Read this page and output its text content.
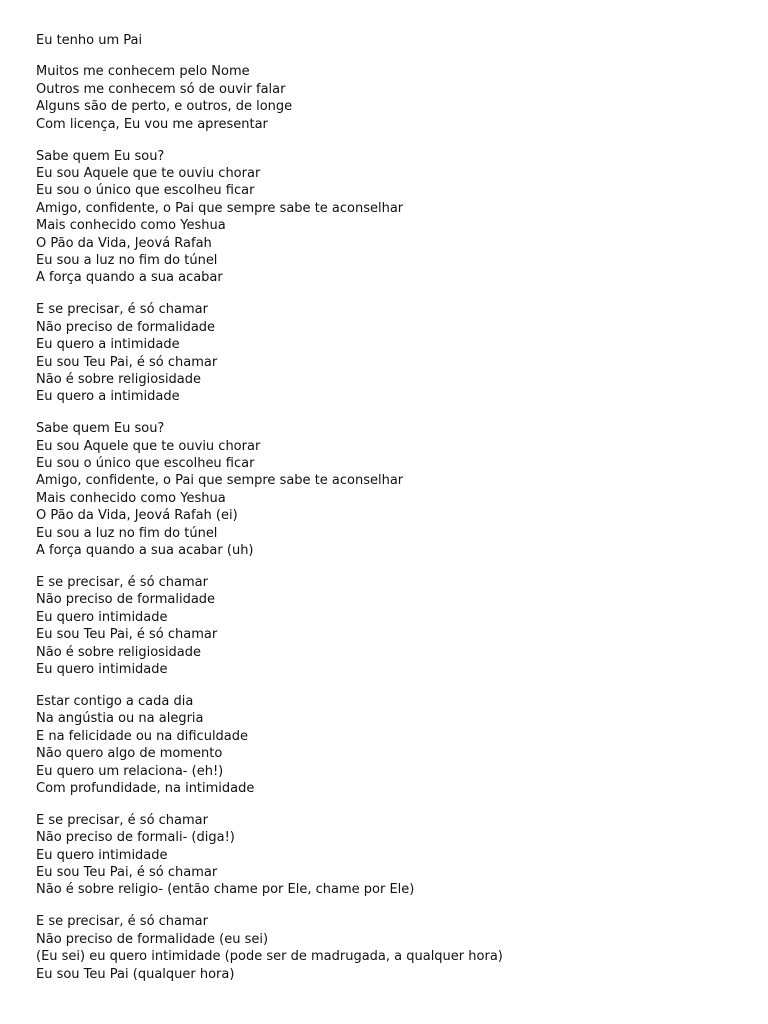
Eu tenho um Pai
Muitos me conhecem pelo Nome
Outros me conhecem só de ouvir falar
Alguns são de perto, e outros, de longe
Com licença, Eu vou me apresentar
Sabe quem Eu sou?
Eu sou Aquele que te ouviu chorar
Eu sou o único que escolheu ficar
Amigo, confidente, o Pai que sempre sabe te aconselhar
Mais conhecido como Yeshua
O Pão da Vida, Jeová Rafah
Eu sou a luz no fim do túnel
A força quando a sua acabar
E se precisar, é só chamar
Não preciso de formalidade
Eu quero a intimidade
Eu sou Teu Pai, é só chamar
Não é sobre religiosidade
Eu quero a intimidade
Sabe quem Eu sou?
Eu sou Aquele que te ouviu chorar
Eu sou o único que escolheu ficar
Amigo, confidente, o Pai que sempre sabe te aconselhar
Mais conhecido como Yeshua
O Pão da Vida, Jeová Rafah (ei)
Eu sou a luz no fim do túnel
A força quando a sua acabar (uh)
E se precisar, é só chamar
Não preciso de formalidade
Eu quero intimidade
Eu sou Teu Pai, é só chamar
Não é sobre religiosidade
Eu quero intimidade
Estar contigo a cada dia
Na angústia ou na alegria
E na felicidade ou na dificuldade
Não quero algo de momento
Eu quero um relaciona- (eh!)
Com profundidade, na intimidade
E se precisar, é só chamar
Não preciso de formali- (diga!)
Eu quero intimidade
Eu sou Teu Pai, é só chamar
Não é sobre religio- (então chame por Ele, chame por Ele)
E se precisar, é só chamar
Não preciso de formalidade (eu sei)
(Eu sei) eu quero intimidade (pode ser de madrugada, a qualquer hora)
Eu sou Teu Pai (qualquer hora)
